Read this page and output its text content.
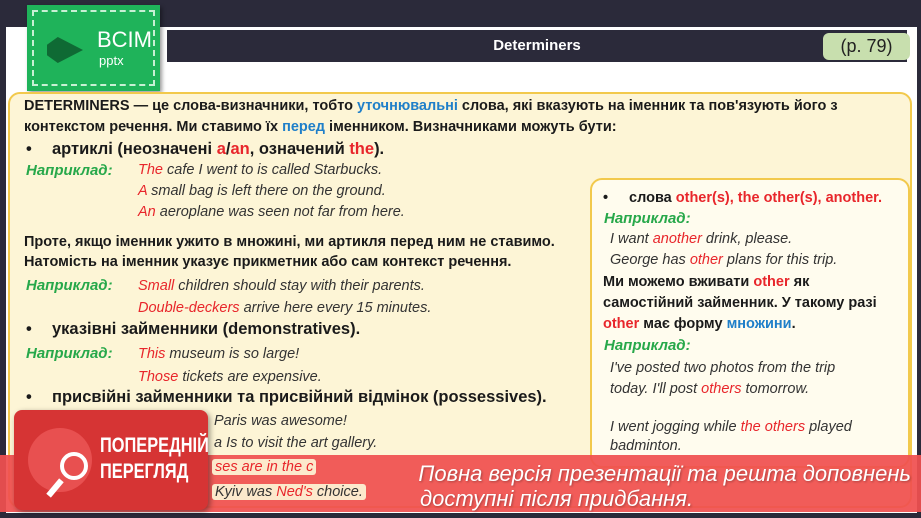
Determiners	(p. 79)
BCIM
pptx
DETERMINERS — це слова-визначники, тобто уточнювальні слова, які вказують на іменник та пов'язують його з
контекстом речення. Ми ставимо їх перед іменником. Визначниками можуть бути:
• артиклі (неозначені a/an, означений the).
Наприклад: The cafe I went to is called Starbucks.
A small bag is left there on the ground.
An aeroplane was seen not far from here.
Проте, якщо іменник ужито в множині, ми артикля перед ним не ставимо.
Натомість на іменник указує прикметник або сам контекст речення.
Наприклад: Small children should stay with their parents.
Double-deckers arrive here every 15 minutes.
• указівні займенники (demonstratives).
Наприклад: This museum is so large!
Those tickets are expensive.
• присвійні займенники та присвійний відмінок (possessives).
Paris was awesome!
a Is to visit the art gallery.
ses are in the c
Kyiv was Ned's choice.
• слова other(s), the other(s), another.
Наприклад:
I want another drink, please.
George has other plans for this trip.
Ми можемо вживати other як
самостійний займенник. У такому разі
other має форму множини.
Наприклад:
I've posted two photos from the trip
today. I'll post others tomorrow.
I went jogging while the others played
badminton.
Повна версія презентації та решта доповнень
доступні після придбання.
ПОПЕРЕДНІЙ
ПЕРЕГЛЯД
